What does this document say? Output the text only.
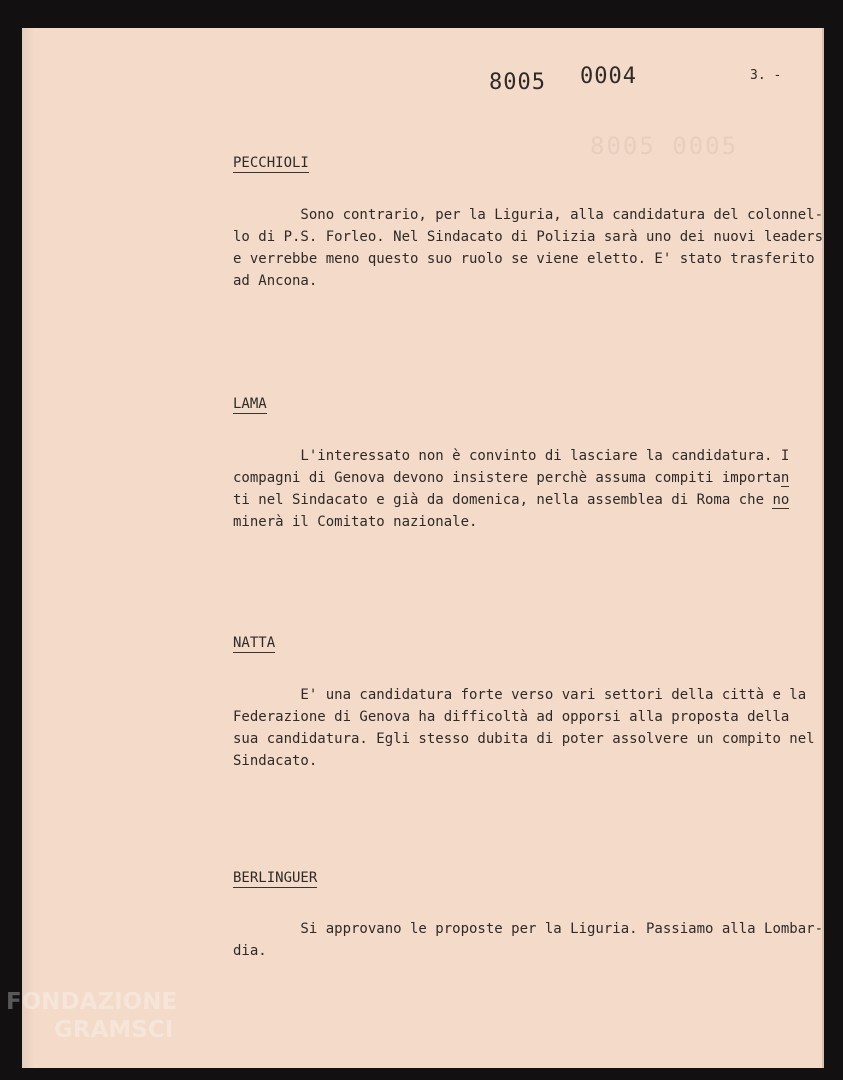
8005 0005
8005 0004	3. -
PECCHIOLI
Sono contrario, per la Liguria, alla candidatura del colonnel-
lo di P.S. Forleo. Nel Sindacato di Polizia sarà uno dei nuovi leaders
e verrebbe meno questo suo ruolo se viene eletto. E' stato trasferito
ad Ancona.
LAMA
L'interessato non è convinto di lasciare la candidatura. I
compagni di Genova devono insistere perchè assuma compiti importan
ti nel Sindacato e già da domenica, nella assemblea di Roma che no
minerà il Comitato nazionale.
NATTA
E' una candidatura forte verso vari settori della città e la
Federazione di Genova ha difficoltà ad opporsi alla proposta della
sua candidatura. Egli stesso dubita di poter assolvere un compito nel
Sindacato.
BERLINGUER
Si approvano le proposte per la Liguria. Passiamo alla Lombar-
dia.
FONDAZIONE
GRAMSCI
